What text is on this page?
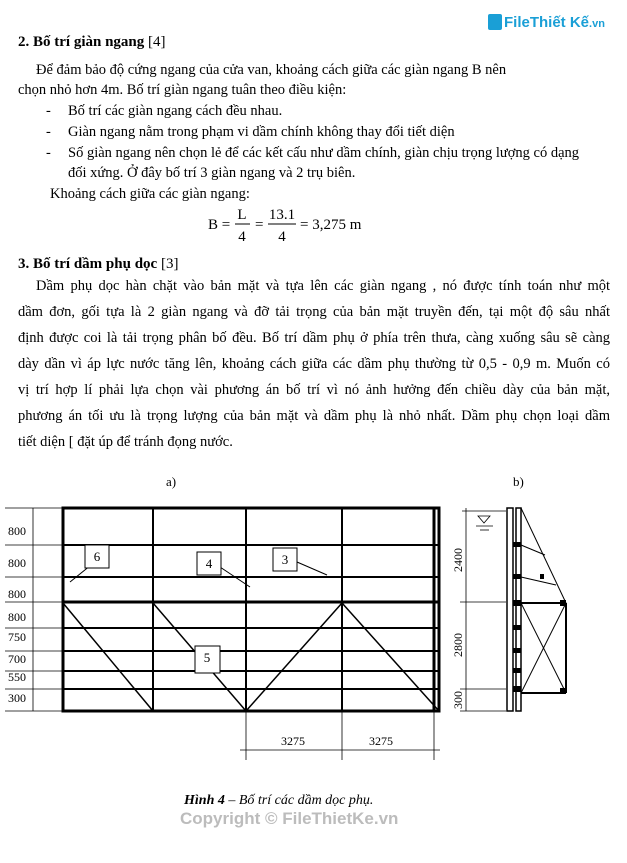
FileThiết Kế.vn
2. Bố trí giàn ngang [4]
Để đảm bảo độ cứng ngang của cửa van, khoảng cách giữa các giàn ngang B nên
chọn nhỏ hơn 4m. Bố trí giàn ngang tuân theo điều kiện:
- Bố trí các giàn ngang cách đều nhau.
- Giàn ngang nằm trong phạm vi dầm chính không thay đổi tiết diện
- Số giàn ngang nên chọn lẻ để các kết cấu như dầm chính, giàn chịu trọng lượng có dạng
đối xứng. Ở đây bố trí 3 giàn ngang và 2 trụ biên.
Khoảng cách giữa các giàn ngang:
B =
L
4
=
13.1
4
= 3,275 m
3. Bố trí dầm phụ dọc [3]
Dầm phụ dọc hàn chặt vào bản mặt và tựa lên các giàn ngang , nó được tính toán như một
dầm đơn, gối tựa là 2 giàn ngang và đỡ tải trọng của bản mặt truyền đến, tại một độ sâu nhất
định được coi là tải trọng phân bố đều. Bố trí dầm phụ ở phía trên thưa, càng xuống sâu sẽ càng
dày dần vì áp lực nước tăng lên, khoảng cách giữa các dầm phụ thường từ 0,5 - 0,9 m. Muốn có
vị trí hợp lí phải lựa chọn vài phương án bố trí vì nó ảnh hưởng đến chiều dày của bản mặt,
phương án tối ưu là trọng lượng của bản mặt và dầm phụ là nhỏ nhất. Dầm phụ chọn loại dầm
tiết diện [ đặt úp để tránh đọng nước.
a)	b)
6	4	3
5
800
800
800
800
750
700
550
300
3275	3275
2400
2800
300
Hình 4 – Bố trí các dầm dọc phụ.
Copyright © FileThietKe.vn
